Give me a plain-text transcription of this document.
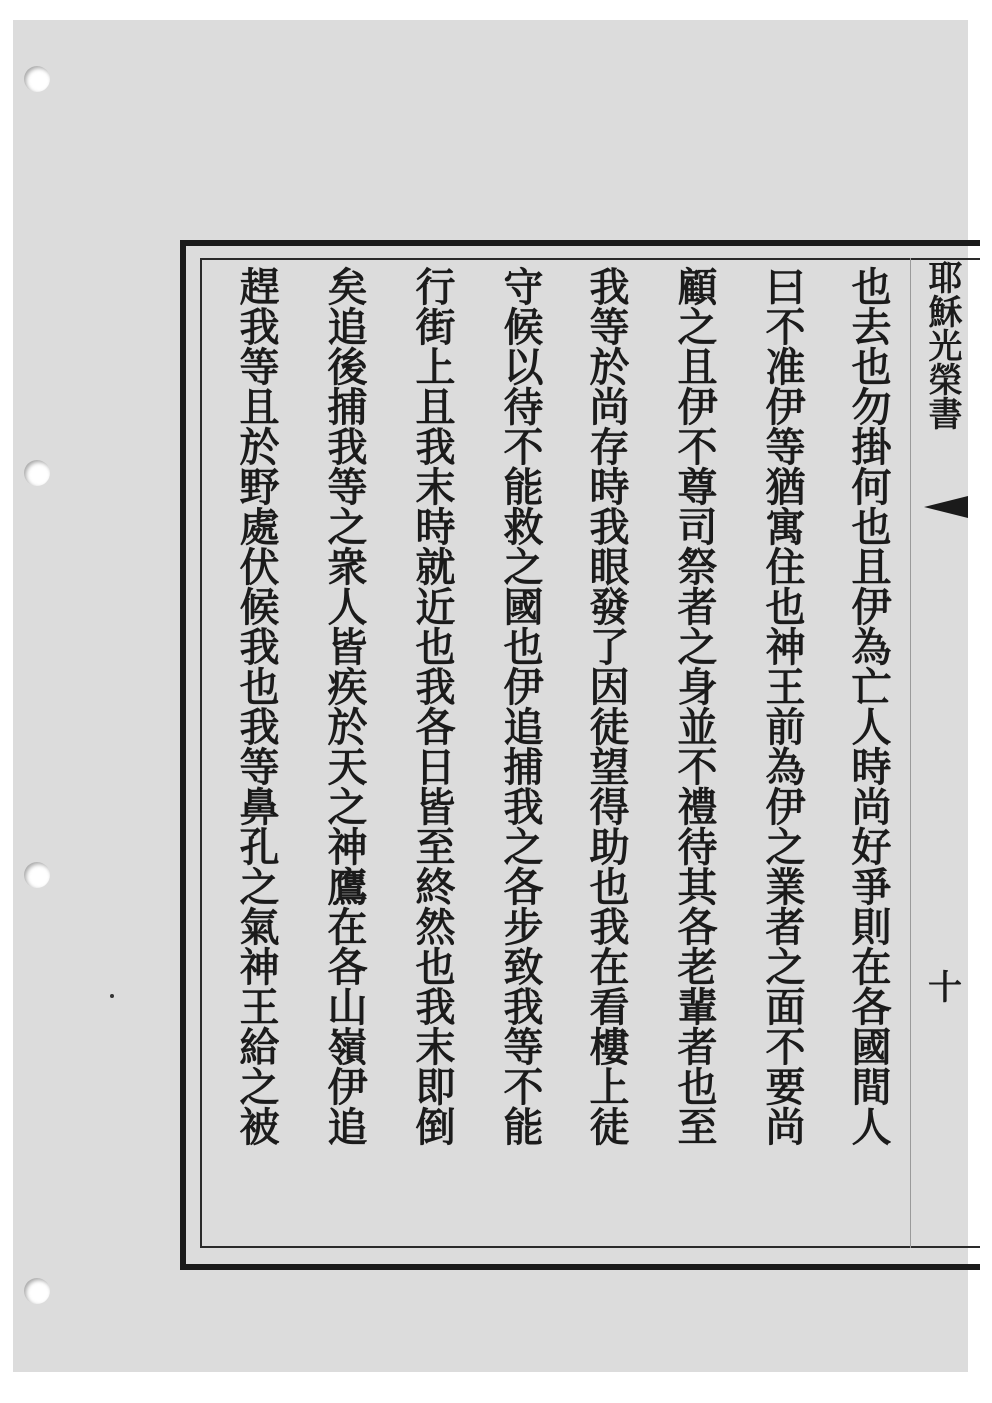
耶穌光榮書
十
也去也勿掛何也且伊為亡人時尚好爭則在各國間人
曰不准伊等猶寓住也神王前為伊之業者之面不要尚
顧之且伊不尊司祭者之身並不禮待其各老輩者也至
我等於尚存時我眼發了因徒望得助也我在看樓上徒
守候以待不能救之國也伊追捕我之各步致我等不能
行街上且我末時就近也我各日皆至終然也我末即倒
矣追後捕我等之衆人皆疾於天之神鷹在各山嶺伊追
趕我等且於野處伏候我也我等鼻孔之氣神王給之被
